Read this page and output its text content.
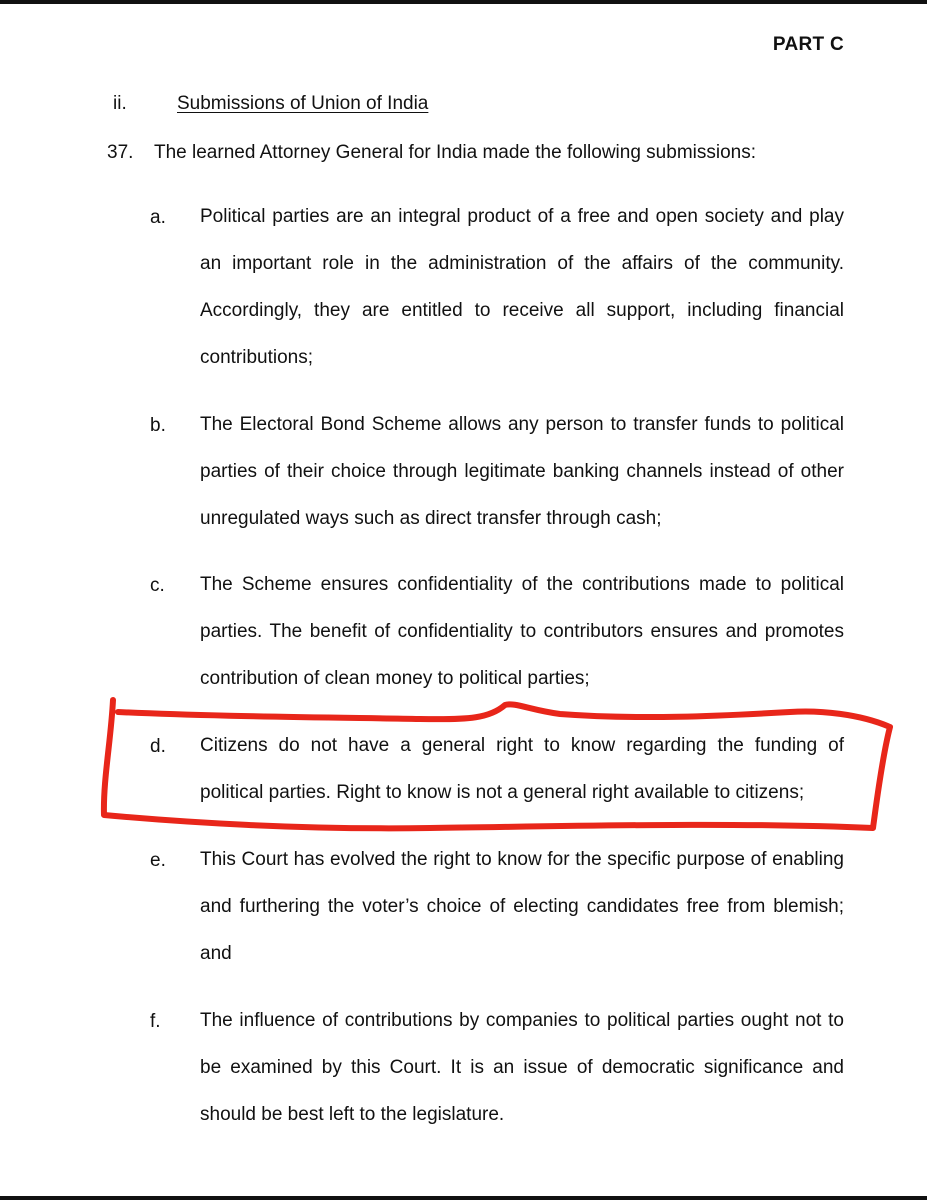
PART C
ii.	Submissions of Union of India
37. The learned Attorney General for India made the following submissions:
a. Political parties are an integral product of a free and open society and play an important role in the administration of the affairs of the community. Accordingly, they are entitled to receive all support, including financial contributions;
b. The Electoral Bond Scheme allows any person to transfer funds to political parties of their choice through legitimate banking channels instead of other unregulated ways such as direct transfer through cash;
c. The Scheme ensures confidentiality of the contributions made to political parties. The benefit of confidentiality to contributors ensures and promotes contribution of clean money to political parties;
d. Citizens do not have a general right to know regarding the funding of political parties. Right to know is not a general right available to citizens;
e. This Court has evolved the right to know for the specific purpose of enabling and furthering the voter’s choice of electing candidates free from blemish; and
f. The influence of contributions by companies to political parties ought not to be examined by this Court. It is an issue of democratic significance and should be best left to the legislature.
